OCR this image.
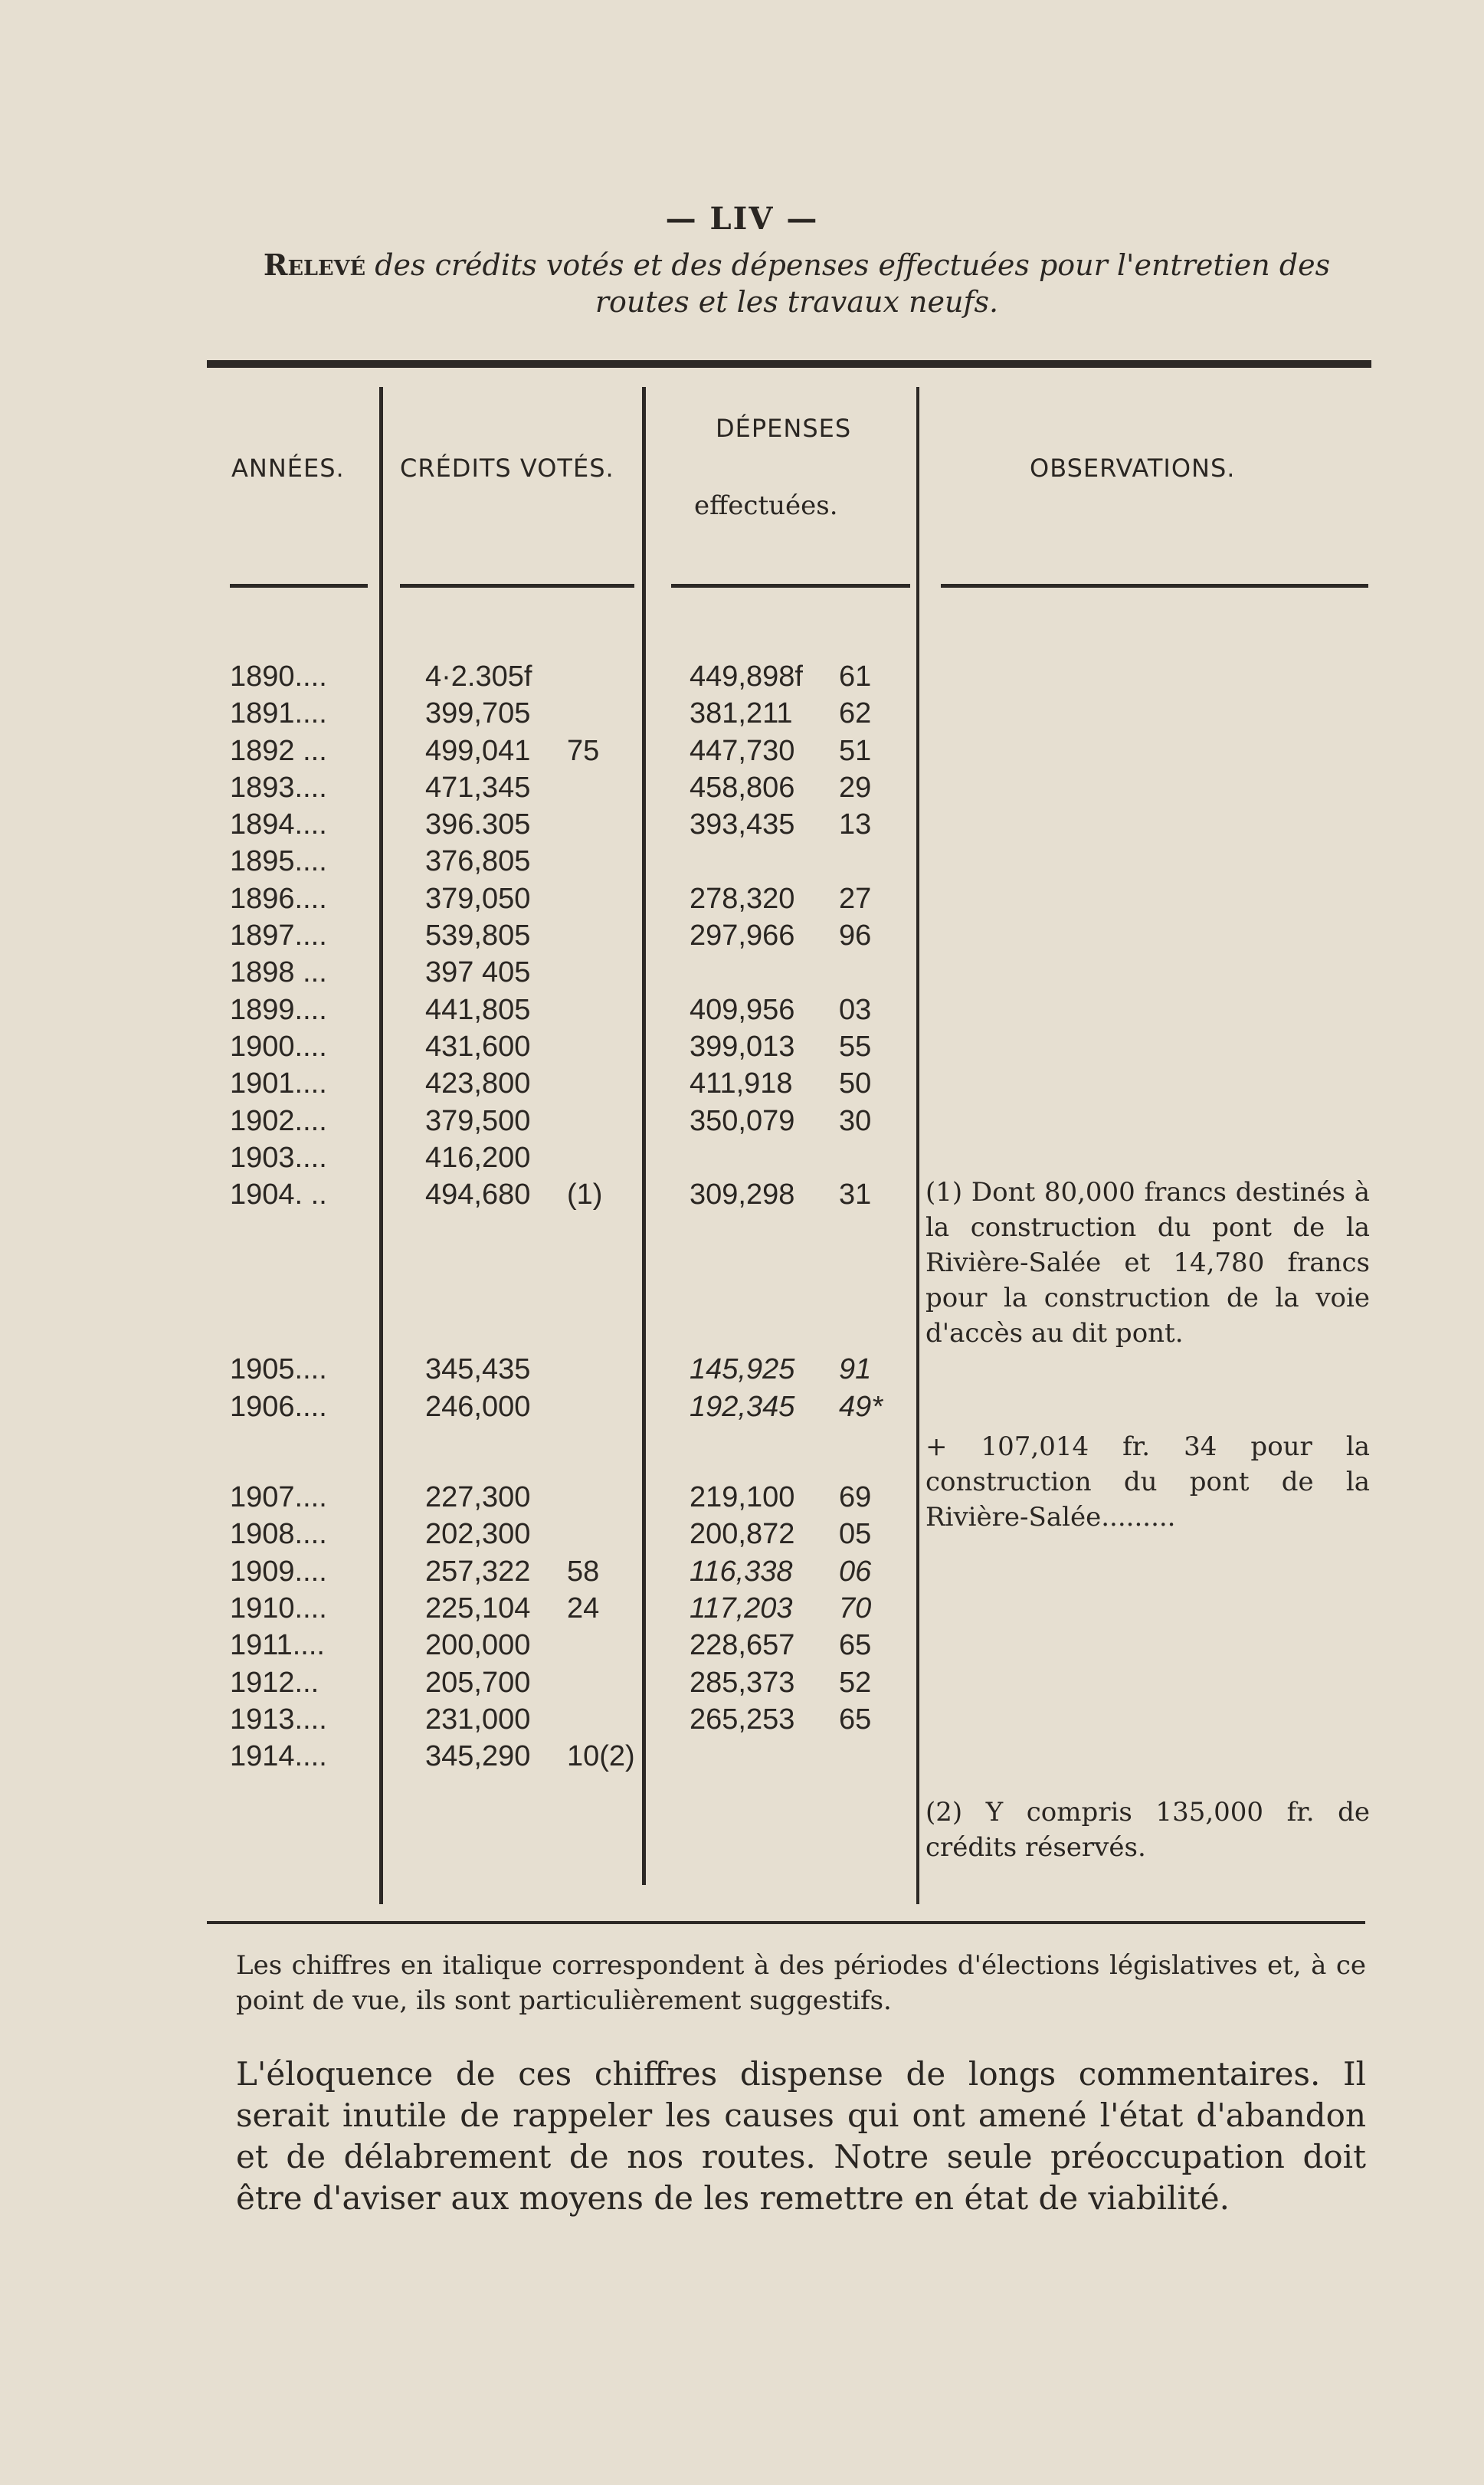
— LIV —
Relevé des crédits votés et des dépenses effectuées pour l'entretien des routes et les travaux neufs.
ANNÉES. CRÉDITS VOTÉS.
DÉPENSES
effectuées.
OBSERVATIONS.
1890....	4·2.305f	449,898f 61
1891....	399,705	381,211 62
1892 ...	499,041 75	447,730 51
1893....	471,345	458,806 29
1894....	396.305	393,435 13
1895....	376,805
1896....	379,050	278,320 27
1897....	539,805	297,966 96
1898 ...	397 405
1899....	441,805	409,956 03
1900....	431,600	399,013 55
1901....	423,800	411,918 50
1902....	379,500	350,079 30
1903....	416,200
1904. ..	494,680 (1)	309,298 31
1905....	345,435	145,925 91
1906....	246,000	192,345 49*
1907....	227,300	219,100 69
1908....	202,300	200,872 05
1909....	257,322 58	116,338 06
1910....	225,104 24	117,203 70
1911....	200,000	228,657 65
1912...	205,700	285,373 52
1913....	231,000	265,253 65
1914....	345,290 10(2)
(1) Dont 80,000 francs destinés à la construction du pont de la Rivière-Salée et 14,780 francs pour la construction de la voie d'accès au dit pont.
+ 107,014 fr. 34 pour la construction du pont de la Rivière-Salée.........
(2) Y compris 135,000 fr. de crédits réservés.
Les chiffres en italique correspondent à des périodes d'élections législatives et, à ce point de vue, ils sont particulièrement suggestifs.
L'éloquence de ces chiffres dispense de longs commentaires. Il serait inutile de rappeler les causes qui ont amené l'état d'abandon et de délabrement de nos routes. Notre seule préoccupation doit être d'aviser aux moyens de les remettre en état de viabilité.
